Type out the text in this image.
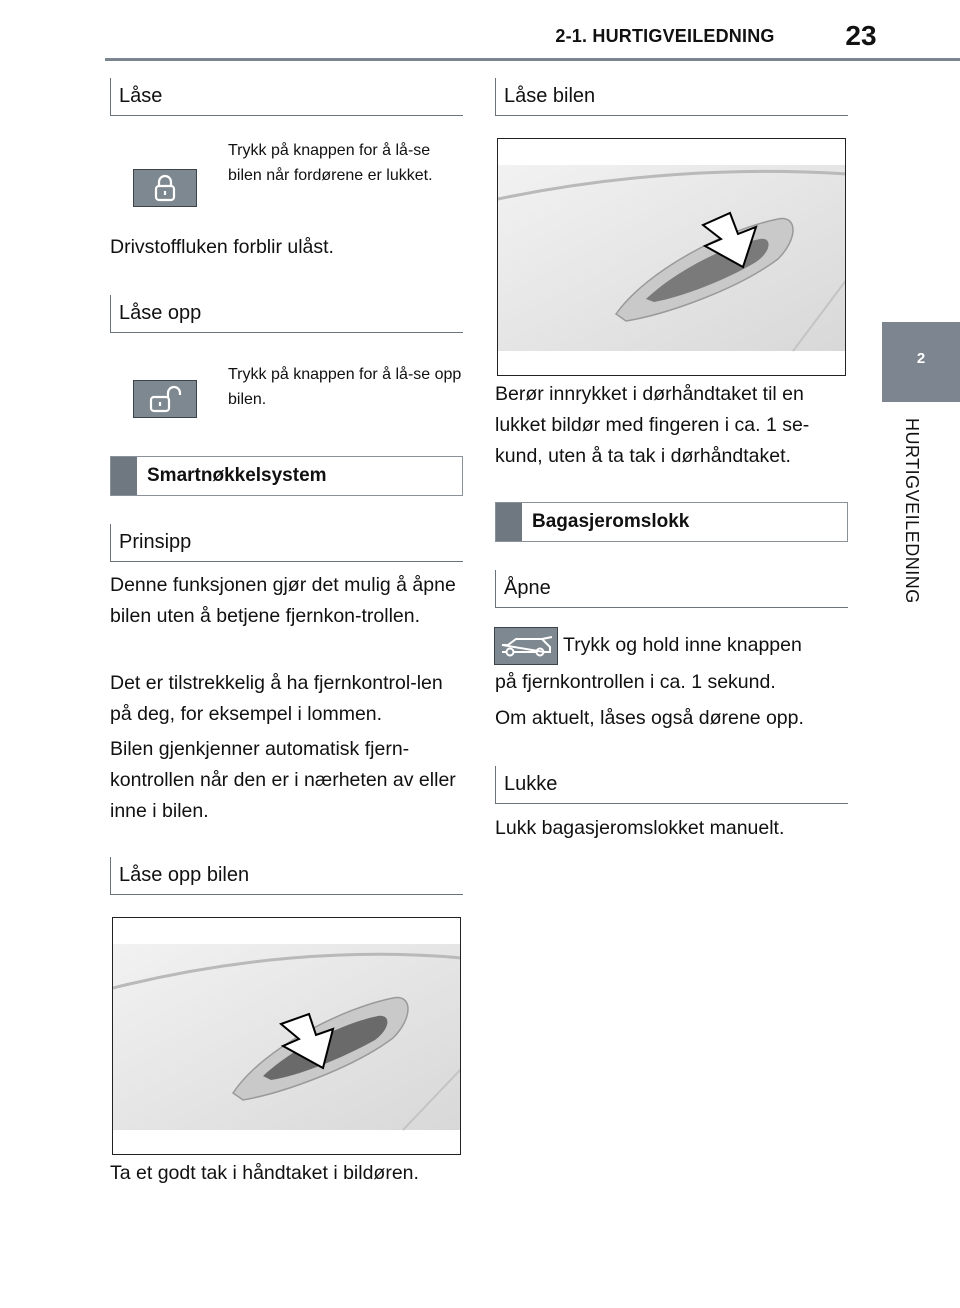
2-1. HURTIGVEILEDNING	23
2
HURTIGVEILEDNING
Låse
Trykk på knappen for å lå-se bilen når fordørene er lukket.
Drivstoffluken forblir ulåst.
Låse opp
Trykk på knappen for å lå-se opp bilen.
Smartnøkkelsystem
Prinsipp
Denne funksjonen gjør det mulig å åpne bilen uten å betjene fjernkon-trollen.
Det er tilstrekkelig å ha fjernkontrol-len på deg, for eksempel i lommen.
Bilen gjenkjenner automatisk fjern-kontrollen når den er i nærheten av eller inne i bilen.
Låse opp bilen
Ta et godt tak i håndtaket i bildøren.
Låse bilen
Berør innrykket i dørhåndtaket til en lukket bildør med fingeren i ca. 1 se-kund, uten å ta tak i dørhåndtaket.
Bagasjeromslokk
Åpne
Trykk og hold inne knappen
på fjernkontrollen i ca. 1 sekund.
Om aktuelt, låses også dørene opp.
Lukke
Lukk bagasjeromslokket manuelt.
